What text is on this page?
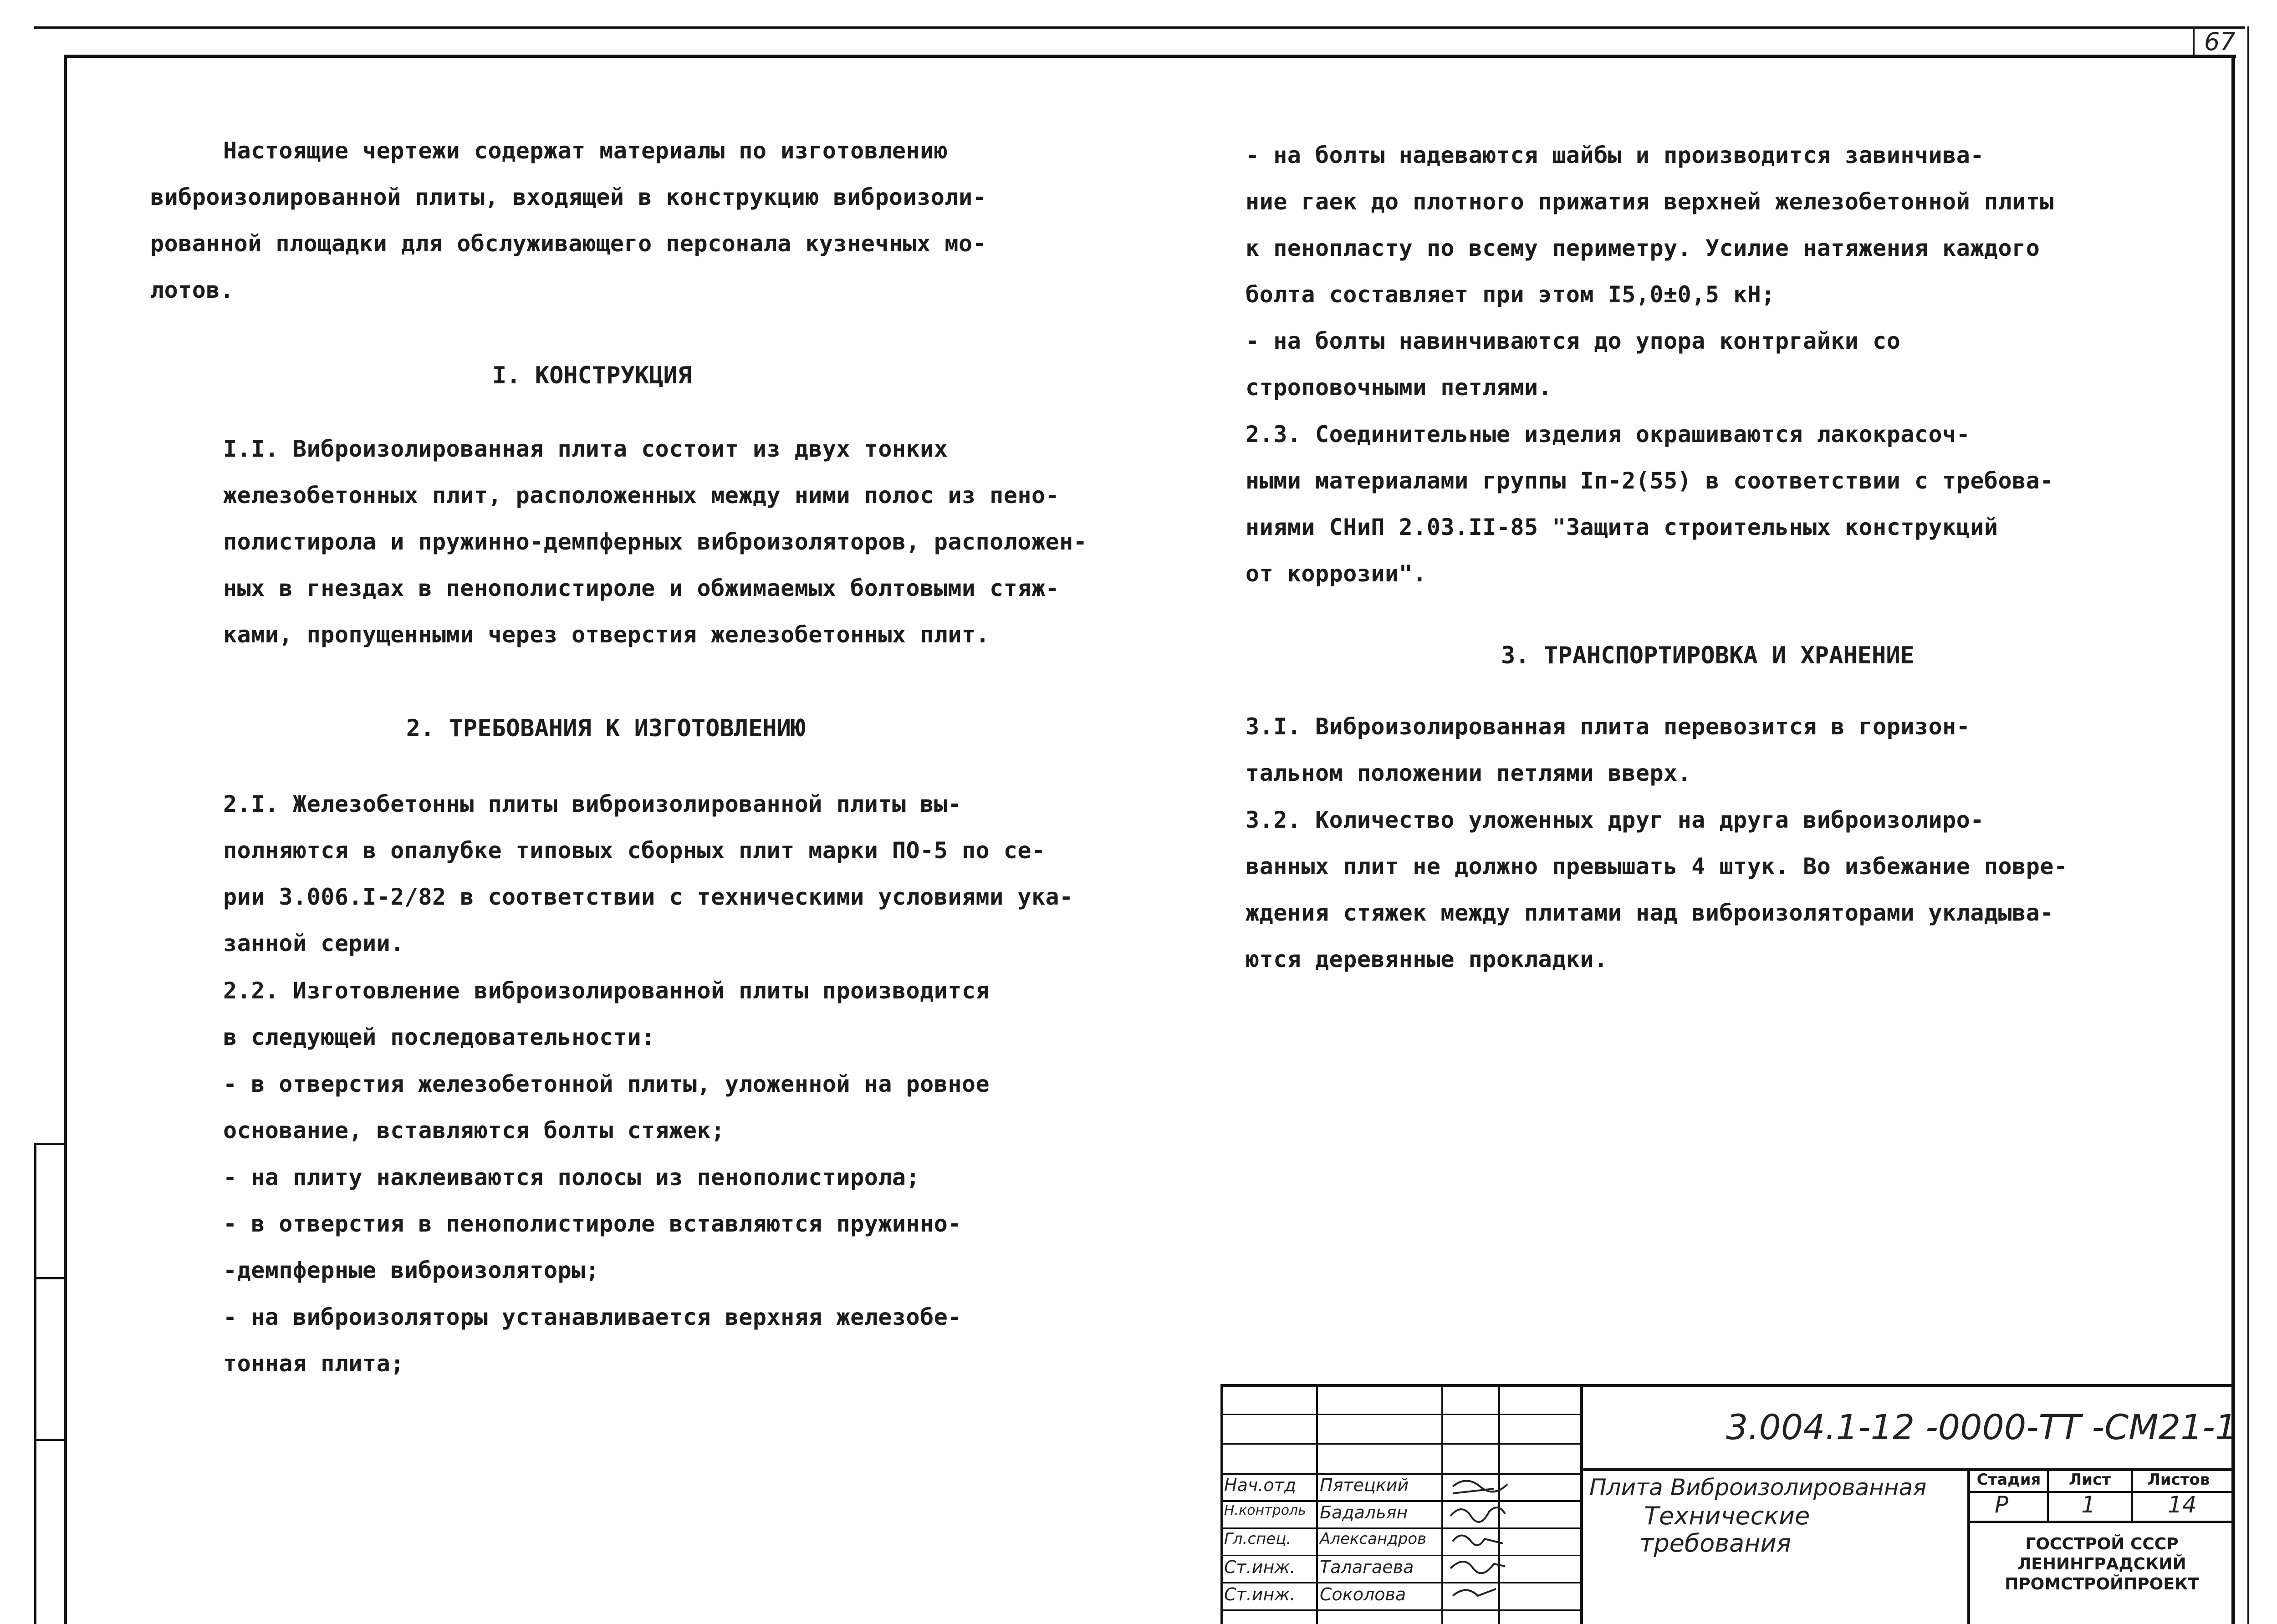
67
Настоящие чертежи содержат материалы по изготовлению
виброизолированной плиты, входящей в конструкцию виброизоли-
рованной площадки для обслуживающего персонала кузнечных мо-
лотов.
I. КОНСТРУКЦИЯ
I.I. Виброизолированная плита состоит из двух тонких
железобетонных плит, расположенных между ними полос из пено-
полистирола и пружинно-демпферных виброизоляторов, расположен-
ных в гнездах в пенополистироле и обжимаемых болтовыми стяж-
ками, пропущенными через отверстия железобетонных плит.
2. ТРЕБОВАНИЯ К ИЗГОТОВЛЕНИЮ
2.I. Железобетонны плиты виброизолированной плиты вы-
полняются в опалубке типовых сборных плит марки ПО-5 по се-
рии 3.006.I-2/82 в соответствии с техническими условиями ука-
занной серии.
2.2. Изготовление виброизолированной плиты производится
в следующей последовательности:
- в отверстия железобетонной плиты, уложенной на ровное
основание, вставляются болты стяжек;
- на плиту наклеиваются полосы из пенополистирола;
- в отверстия в пенополистироле вставляются пружинно-
-демпферные виброизоляторы;
- на виброизоляторы устанавливается верхняя железобе-
тонная плита;
- на болты надеваются шайбы и производится завинчива-
ние гаек до плотного прижатия верхней железобетонной плиты
к пенопласту по всему периметру. Усилие натяжения каждого
болта составляет при этом I5,0±0,5 кН;
- на болты навинчиваются до упора контргайки со
строповочными петлями.
2.3. Соединительные изделия окрашиваются лакокрасоч-
ными материалами группы Iп-2(55) в соответствии с требова-
ниями СНиП 2.03.II-85 "Защита строительных конструкций
от коррозии".
3. ТРАНСПОРТИРОВКА И ХРАНЕНИЕ
3.I. Виброизолированная плита перевозится в горизон-
тальном положении петлями вверх.
3.2. Количество уложенных друг на друга виброизолиро-
ванных плит не должно превышать 4 штук. Во избежание повре-
ждения стяжек между плитами над виброизоляторами укладыва-
ются деревянные прокладки.
3.004.1-12 -0000-ТТ -СМ21-1
Плита Виброизолированная
Технические
требования
Стадия	Лист	Листов
Р	1	14
ГОССТРОЙ СССР
ЛЕНИНГРАДСКИЙ
ПРОМСТРОЙПРОЕКТ
Нач.отд Пятецкий
Н.контроль Бадальян
Гл.спец. Александров
Ст.инж. Талагаева
Ст.инж. Соколова
